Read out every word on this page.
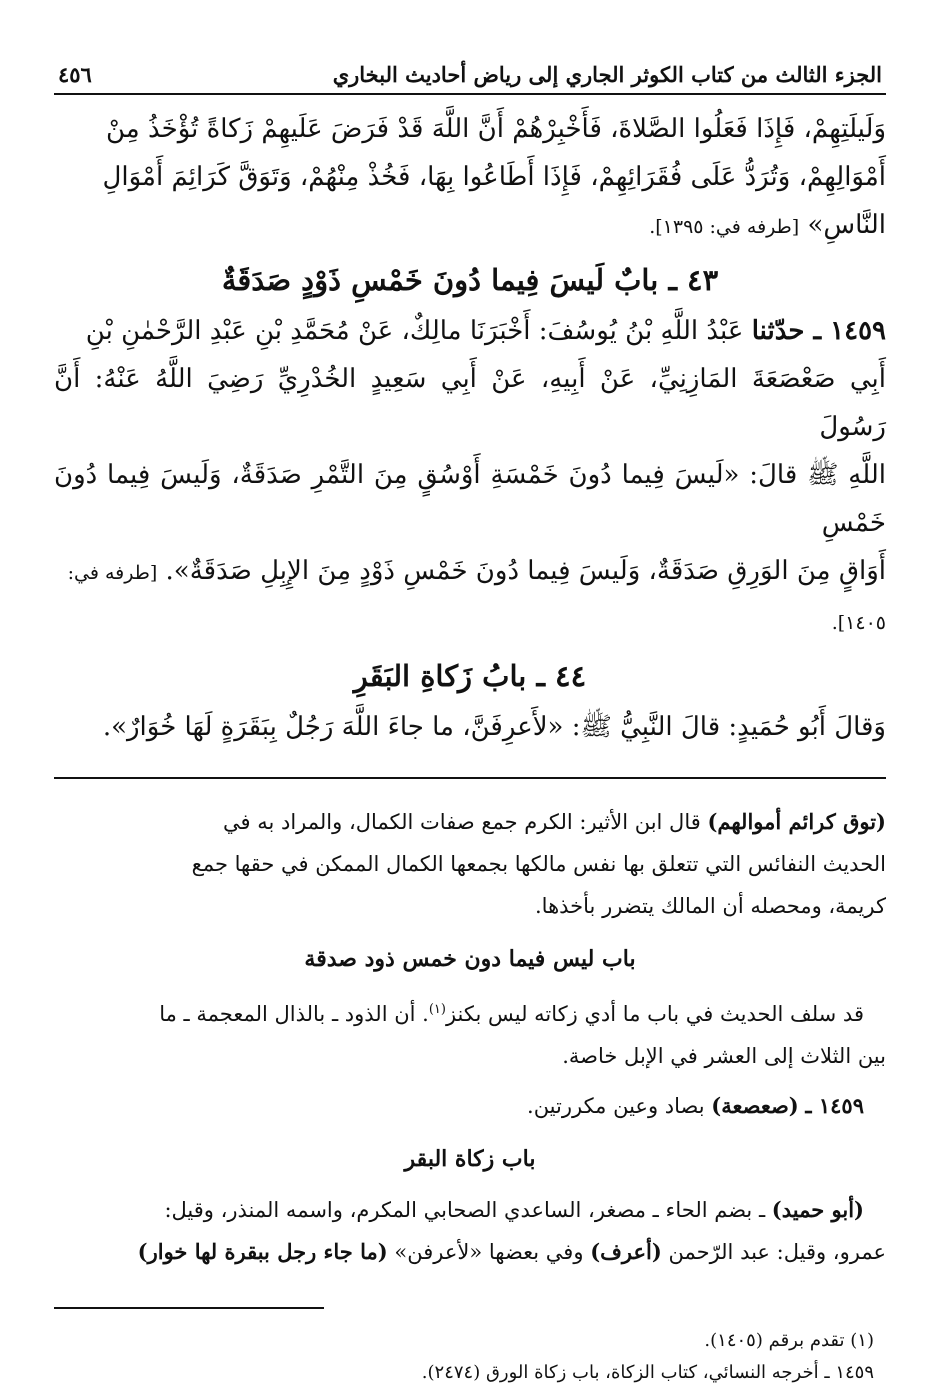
الجزء الثالث من كتاب الكوثر الجاري إلى رياض أحاديث البخاري
٤٥٦

وَلَيلَتِهِمْ، فَإِذَا فَعَلُوا الصَّلاةَ، فَأَخْبِرْهُمْ أَنَّ اللَّهَ قَدْ فَرَضَ عَلَيهِمْ زَكاةً تُؤْخَذُ مِنْ

أَمْوَالِهِمْ، وَتُرَدُّ عَلَى فُقَرَائِهِمْ، فَإِذَا أَطَاعُوا بِهَا، فَخُذْ مِنْهُمْ، وَتَوَقَّ كَرَائِمَ أَمْوَالِ

النَّاسِ» [طرفه في: ١٣٩٥].

٤٣ ـ بابٌ لَيسَ فِيما دُونَ خَمْسِ ذَوْدٍ صَدَقَةٌ

١٤٥٩ ـ حدّثنا عَبْدُ اللَّهِ بْنُ يُوسُفَ: أَخْبَرَنَا مالِكٌ، عَنْ مُحَمَّدِ بْنِ عَبْدِ الرَّحْمٰنِ بْنِ

أَبِي صَعْصَعَةَ المَازِنِيِّ، عَنْ أَبِيهِ، عَنْ أَبِي سَعِيدٍ الخُدْرِيِّ رَضِيَ اللَّهُ عَنْهُ: أَنَّ رَسُولَ

اللَّهِ ﷺ قالَ: «لَيسَ فِيما دُونَ خَمْسَةِ أَوْسُقٍ مِنَ التَّمْرِ صَدَقَةٌ، وَلَيسَ فِيما دُونَ خَمْسِ

أَوَاقٍ مِنَ الوَرِقِ صَدَقَةٌ، وَلَيسَ فِيما دُونَ خَمْسِ ذَوْدٍ مِنَ الإِبِلِ صَدَقَةٌ». [طرفه في:

١٤٠٥].

٤٤ ـ بابُ زَكاةِ البَقَرِ

وَقالَ أَبُو حُمَيدٍ: قالَ النَّبِيُّ ﷺ: «لأَعرِفَنَّ، ما جاءَ اللَّهَ رَجُلٌ بِبَقَرَةٍ لَهَا خُوَارٌ».

(توق كرائم أموالهم) قال ابن الأثير: الكرم جمع صفات الكمال، والمراد به في

الحديث النفائس التي تتعلق بها نفس مالكها بجمعها الكمال الممكن في حقها جمع

كريمة، ومحصله أن المالك يتضرر بأخذها.

باب ليس فيما دون خمس ذود صدقة

قد سلف الحديث في باب ما أدي زكاته ليس بكنز$^{(١)}$. أن الذود ـ بالذال المعجمة ـ ما

بين الثلاث إلى العشر في الإبل خاصة.

١٤٥٩ ـ (صعصعة) بصاد وعين مكررتين.

باب زكاة البقر

(أبو حميد) ـ بضم الحاء ـ مصغر، الساعدي الصحابي المكرم، واسمه المنذر، وقيل:

عمرو، وقيل: عبد الرّحمن (أعرف) وفي بعضها «لأعرفن» (ما جاء رجل ببقرة لها خوار)

(١) تقدم برقم (١٤٠٥).

١٤٥٩ ـ أخرجه النسائي، كتاب الزكاة، باب زكاة الورق (٢٤٧٤).
